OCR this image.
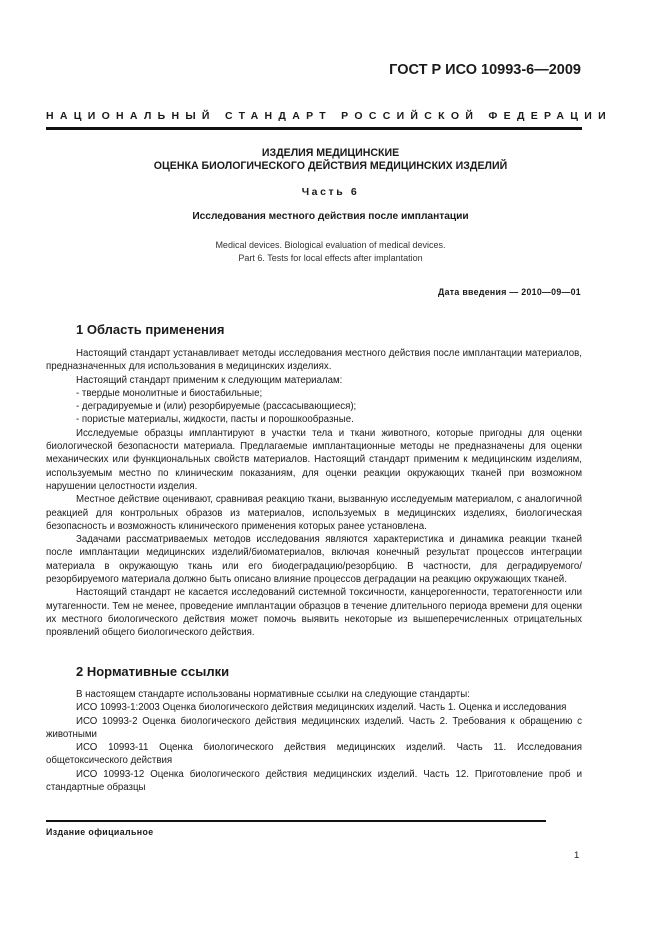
ГОСТ Р ИСО 10993-6—2009
НАЦИОНАЛЬНЫЙ СТАНДАРТ РОССИЙСКОЙ ФЕДЕРАЦИИ
ИЗДЕЛИЯ МЕДИЦИНСКИЕ
ОЦЕНКА БИОЛОГИЧЕСКОГО ДЕЙСТВИЯ МЕДИЦИНСКИХ ИЗДЕЛИЙ
Часть 6
Исследования местного действия после имплантации
Medical devices. Biological evaluation of medical devices.
Part 6. Tests for local effects after implantation
Дата введения — 2010—09—01
1 Область применения

Настоящий стандарт устанавливает методы исследования местного действия после имплантации материалов, предназначенных для использования в медицинских изделиях.

Настоящий стандарт применим к следующим материалам:

- твердые монолитные и биостабильные;

- деградируемые и (или) резорбируемые (рассасывающиеся);

- пористые материалы, жидкости, пасты и порошкообразные.

Исследуемые образцы имплантируют в участки тела и ткани животного, которые пригодны для оценки биологической безопасности материала. Предлагаемые имплантационные методы не предназначены для оценки механических или функциональных свойств материалов. Настоящий стандарт применим к медицинским изделиям, используемым местно по клиническим показаниям, для оценки реакции окружающих тканей при возможном нарушении целостности изделия.

Местное действие оценивают, сравнивая реакцию ткани, вызванную исследуемым материалом, с аналогичной реакцией для контрольных образов из материалов, используемых в медицинских изделиях, биологическая безопасность и возможность клинического применения которых ранее установлена.

Задачами рассматриваемых методов исследования являются характеристика и динамика реакции тканей после имплантации медицинских изделий/биоматериалов, включая конечный результат процессов интеграции материала в окружающую ткань или его биодеградацию/резорбцию. В частности, для деградируемого/резорбируемого материала должно быть описано влияние процессов деградации на реакцию окружающих тканей.

Настоящий стандарт не касается исследований системной токсичности, канцерогенности, тератогенности или мутагенности. Тем не менее, проведение имплантации образцов в течение длительного периода времени для оценки их местного биологического действия может помочь выявить некоторые из вышеперечисленных отрицательных проявлений общего биологического действия.

2 Нормативные ссылки

В настоящем стандарте использованы нормативные ссылки на следующие стандарты:

ИСО 10993-1:2003 Оценка биологического действия медицинских изделий. Часть 1. Оценка и исследования

ИСО 10993-2 Оценка биологического действия медицинских изделий. Часть 2. Требования к обращению с животными

ИСО 10993-11 Оценка биологического действия медицинских изделий. Часть 11. Исследования общетоксического действия

ИСО 10993-12 Оценка биологического действия медицинских изделий. Часть 12. Приготовление проб и стандартные образцы

Издание официальное
1
